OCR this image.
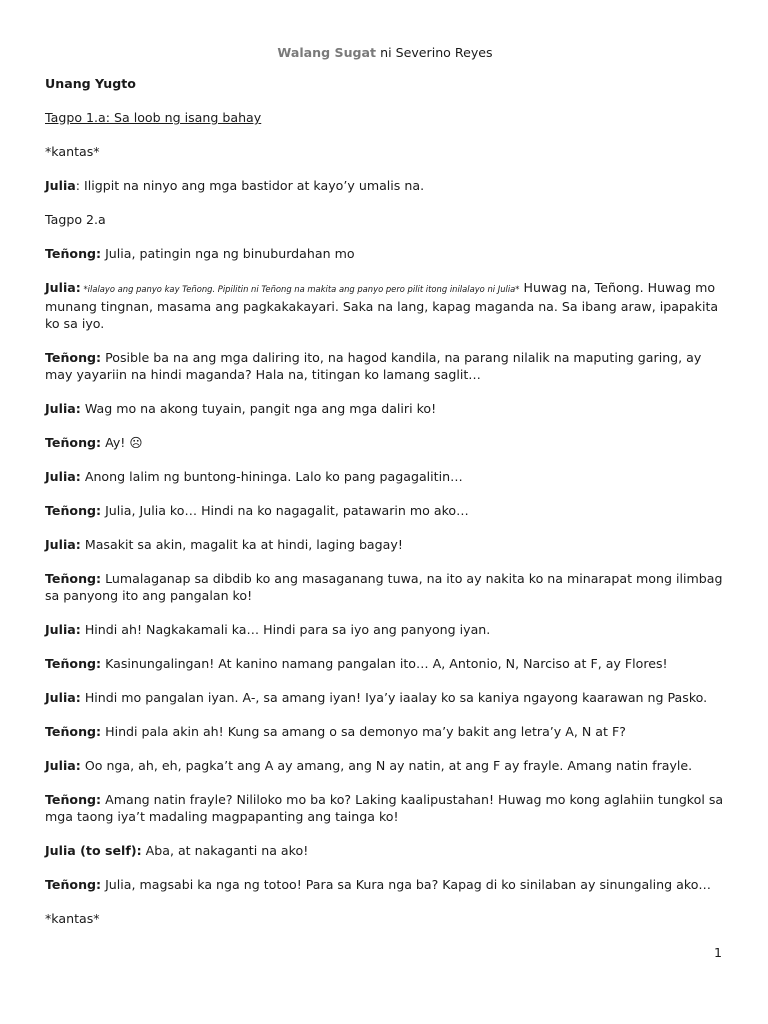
Walang Sugat ni Severino Reyes
Unang Yugto
Tagpo 1.a: Sa loob ng isang bahay

*kantas*

Julia: Iligpit na ninyo ang mga bastidor at kayo’y umalis na.

Tagpo 2.a

Teñong: Julia, patingin nga ng binuburdahan mo

Julia: *ilalayo ang panyo kay Teñong. Pipilitin ni Teñong na makita ang panyo pero pilit itong inilalayo ni Julia* Huwag na, Teñong. Huwag mo munang tingnan, masama ang pagkakakayari. Saka na lang, kapag maganda na. Sa ibang araw, ipapakita ko sa iyo.

Teñong: Posible ba na ang mga daliring ito, na hagod kandila, na parang nilalik na maputing garing, ay may yayariin na hindi maganda? Hala na, titingan ko lamang saglit…

Julia: Wag mo na akong tuyain, pangit nga ang mga daliri ko!

Teñong: Ay! ☹

Julia: Anong lalim ng buntong-hininga. Lalo ko pang pagagalitin…

Teñong: Julia, Julia ko… Hindi na ko nagagalit, patawarin mo ako…

Julia: Masakit sa akin, magalit ka at hindi, laging bagay!

Teñong: Lumalaganap sa dibdib ko ang masaganang tuwa, na ito ay nakita ko na minarapat mong ilimbag sa panyong ito ang pangalan ko!

Julia: Hindi ah! Nagkakamali ka… Hindi para sa iyo ang panyong iyan.

Teñong: Kasinungalingan! At kanino namang pangalan ito… A, Antonio, N, Narciso at F, ay Flores!

Julia: Hindi mo pangalan iyan. A-, sa amang iyan! Iya’y iaalay ko sa kaniya ngayong kaarawan ng Pasko.

Teñong: Hindi pala akin ah! Kung sa amang o sa demonyo ma’y bakit ang letra’y A, N at F?

Julia: Oo nga, ah, eh, pagka’t ang A ay amang, ang N ay natin, at ang F ay frayle. Amang natin frayle.

Teñong: Amang natin frayle? Nililoko mo ba ko? Laking kaalipustahan! Huwag mo kong aglahiin tungkol sa mga taong iya’t madaling magpapanting ang tainga ko!

Julia (to self): Aba, at nakaganti na ako!

Teñong: Julia, magsabi ka nga ng totoo! Para sa Kura nga ba? Kapag di ko sinilaban ay sinungaling ako…

*kantas*

1
